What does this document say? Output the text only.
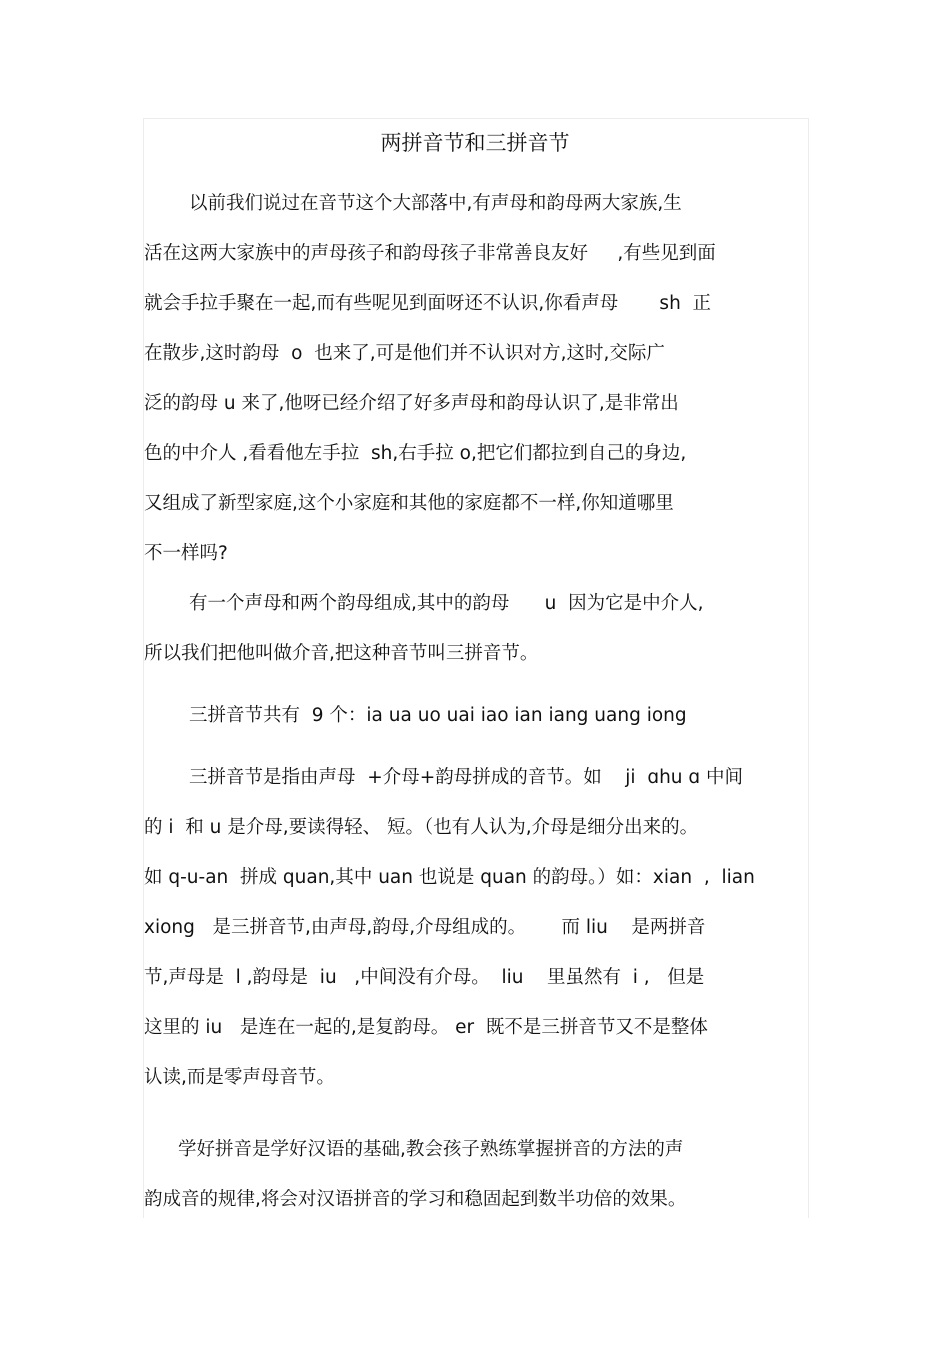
两拼音节和三拼音节
以前我们说过在音节这个大部落中,有声母和韵母两大家族,生
活在这两大家族中的声母孩子和韵母孩子非常善良友好     ,有些见到面
就会手拉手聚在一起,而有些呢见到面呀还不认识,你看声母       sh  正
在散步,这时韵母  o  也来了,可是他们并不认识对方,这时,交际广
泛的韵母 u 来了,他呀已经介绍了好多声母和韵母认识了,是非常出
色的中介人 ,看看他左手拉  sh,右手拉 o,把它们都拉到自己的身边,
又组成了新型家庭,这个小家庭和其他的家庭都不一样,你知道哪里
不一样吗?
有一个声母和两个韵母组成,其中的韵母      u  因为它是中介人,
所以我们把他叫做介音,把这种音节叫三拼音节。
三拼音节共有  9 个：ia ua uo uai iao ian iang uang iong
三拼音节是指由声母  +介母+韵母拼成的音节。如    ji  ɑhu ɑ 中间
的 i  和 u 是介母,要读得轻、 短。（也有人认为,介母是细分出来的。
如 q-u-an  拼成 quan,其中 uan 也说是 quan 的韵母。）如：xian  ,  lian
xiong   是三拼音节,由声母,韵母,介母组成的。      而 liu    是两拼音
节,声母是  l ,韵母是  iu   ,中间没有介母。  liu    里虽然有  i ,   但是
这里的 iu   是连在一起的,是复韵母。 er  既不是三拼音节又不是整体
认读,而是零声母音节。
学好拼音是学好汉语的基础,教会孩子熟练掌握拼音的方法的声
韵成音的规律,将会对汉语拼音的学习和稳固起到数半功倍的效果。
